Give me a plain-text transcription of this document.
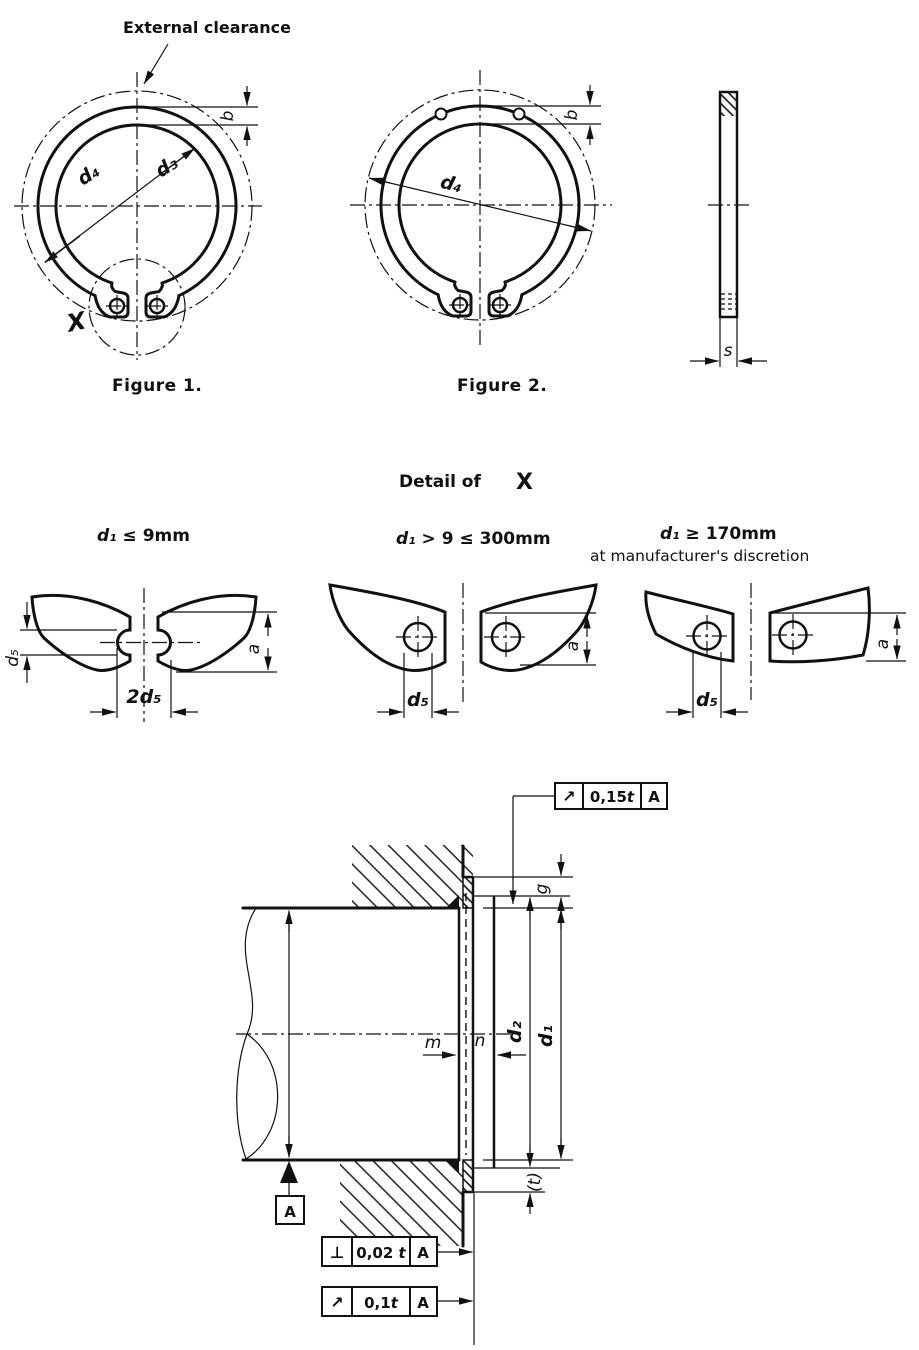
External clearance
b
d₄	d₃
X
Figure 1.
b
d₄
Figure 2.
s
Detail of X
d₁ ≤ 9mm	d₁ > 9 ≤ 300mm	d₁ ≥ 170mm
at manufacturer's discretion
d₅
2d₅
a
d₅
a
d₅
a
g
m n d₂ d₁
(t)
A
↗ 0,15t A
⊥ 0,02 t A
↗ 0,1t A
